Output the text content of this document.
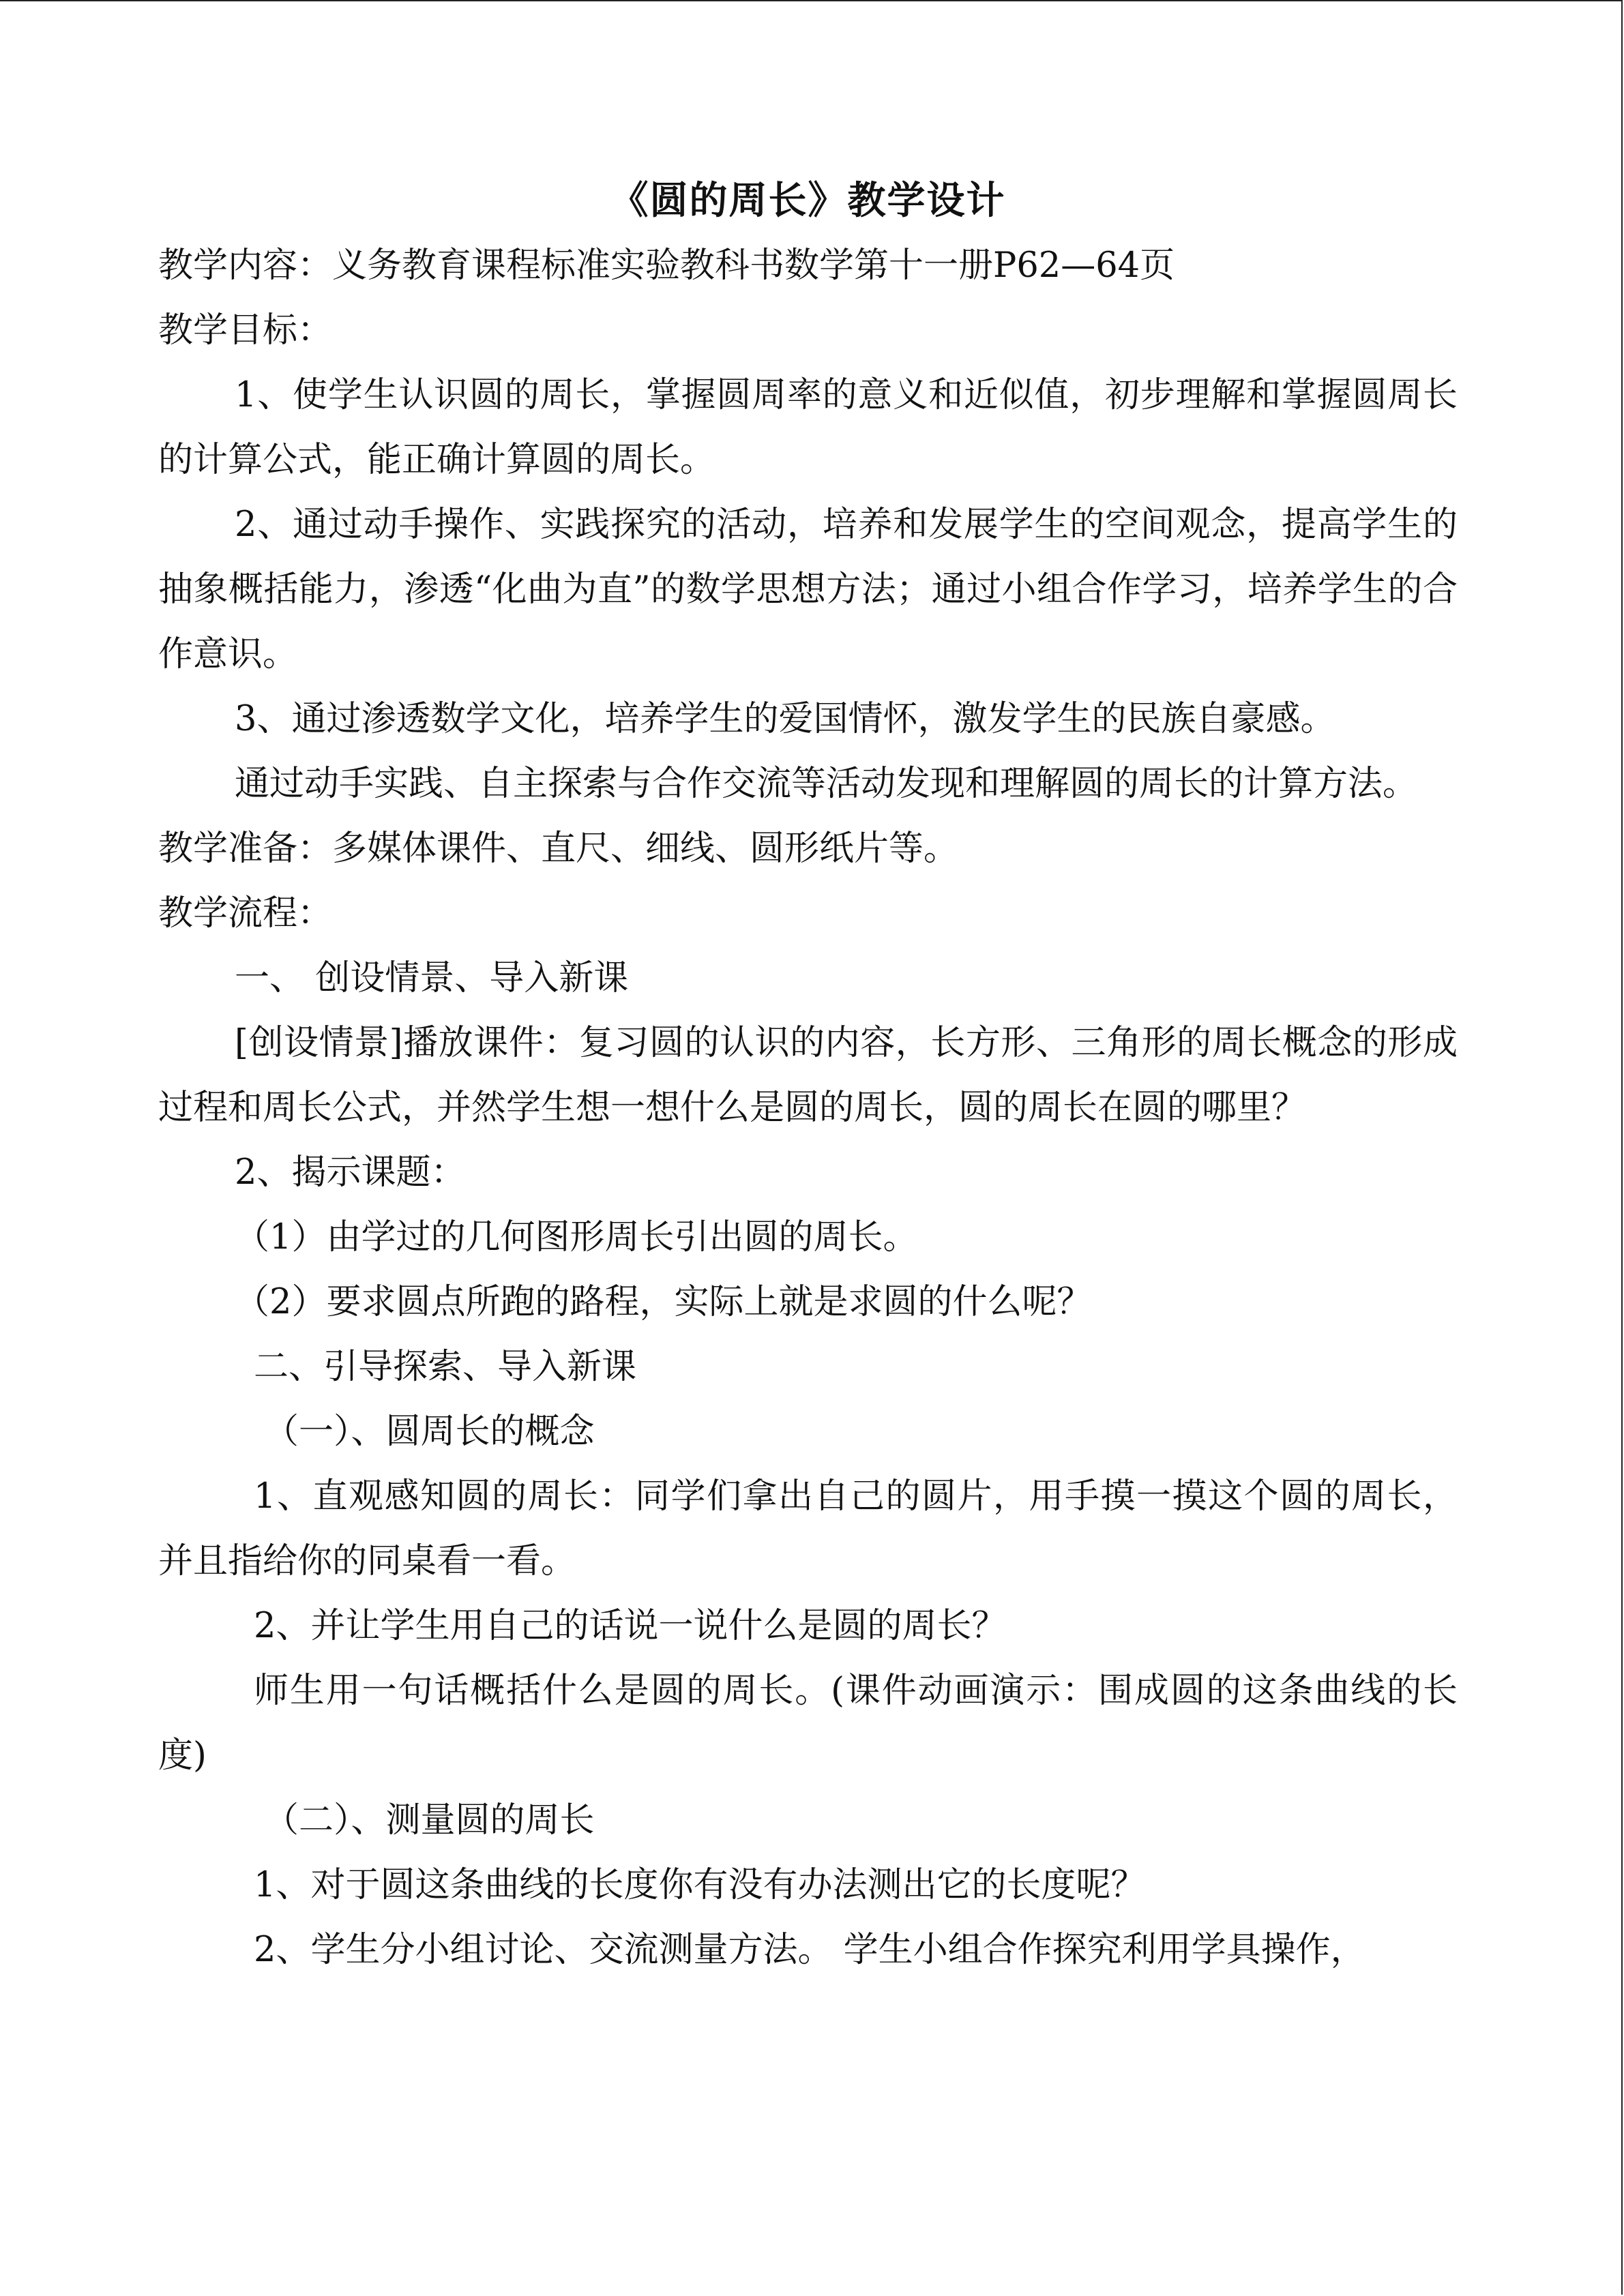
《圆的周长》教学设计

教学内容：义务教育课程标准实验教科书数学第十一册P62—64页

教学目标：

1、使学生认识圆的周长，掌握圆周率的意义和近似值，初步理解和掌握圆周长的计算公式，能正确计算圆的周长。

2、通过动手操作、实践探究的活动，培养和发展学生的空间观念，提高学生的抽象概括能力，渗透“化曲为直”的数学思想方法；通过小组合作学习，培养学生的合作意识。

3、通过渗透数学文化，培养学生的爱国情怀，激发学生的民族自豪感。

通过动手实践、自主探索与合作交流等活动发现和理解圆的周长的计算方法。

教学准备：多媒体课件、直尺、细线、圆形纸片等。

教学流程：

一、 创设情景、导入新课

[创设情景]播放课件：复习圆的认识的内容，长方形、三角形的周长概念的形成过程和周长公式，并然学生想一想什么是圆的周长，圆的周长在圆的哪里？

2、揭示课题：

（1）由学过的几何图形周长引出圆的周长。

（2）要求圆点所跑的路程，实际上就是求圆的什么呢？

二、引导探索、导入新课

（一）、圆周长的概念

1、直观感知圆的周长：同学们拿出自己的圆片，用手摸一摸这个圆的周长，并且指给你的同桌看一看。

2、并让学生用自己的话说一说什么是圆的周长？

师生用一句话概括什么是圆的周长。(课件动画演示：围成圆的这条曲线的长度)

（二）、测量圆的周长

1、对于圆这条曲线的长度你有没有办法测出它的长度呢？

2、学生分小组讨论、交流测量方法。 学生小组合作探究利用学具操作，
